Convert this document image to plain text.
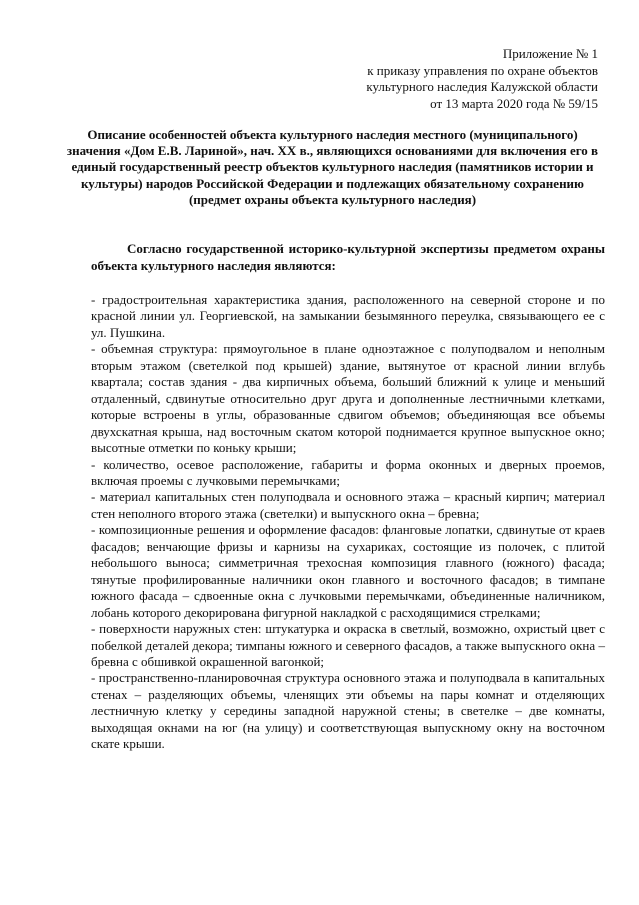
Приложение № 1
к приказу управления по охране объектов
культурного наследия Калужской области
от 13 марта 2020 года № 59/15
Описание особенностей объекта культурного наследия местного (муниципального) значения «Дом Е.В. Лариной», нач. XX в., являющихся основаниями для включения его в единый государственный реестр объектов культурного наследия (памятников истории и культуры) народов Российской Федерации и подлежащих обязательному сохранению (предмет охраны объекта культурного наследия)
Согласно государственной историко-культурной экспертизы предметом охраны объекта культурного наследия являются:

- градостроительная характеристика здания, расположенного на северной стороне и по красной линии ул. Георгиевской, на замыкании безымянного переулка, связывающего ее с ул. Пушкина.

- объемная структура: прямоугольное в плане одноэтажное с полуподвалом и неполным вторым этажом (светелкой под крышей) здание, вытянутое от красной линии вглубь квартала; состав здания - два кирпичных объема, больший ближний к улице и меньший отдаленный, сдвинутые относительно друг друга и дополненные лестничными клетками, которые встроены в углы, образованные сдвигом объемов; объединяющая все объемы двухскатная крыша, над восточным скатом которой поднимается крупное выпускное окно; высотные отметки по коньку крыши;

- количество, осевое расположение, габариты и форма оконных и дверных проемов, включая проемы с лучковыми перемычками;

- материал капитальных стен полуподвала и основного этажа – красный кирпич; материал стен неполного второго этажа (светелки) и выпускного окна – бревна;

- композиционные решения и оформление фасадов: фланговые лопатки, сдвинутые от краев фасадов; венчающие фризы и карнизы на сухариках, состоящие из полочек, с плитой небольшого выноса; симметричная трехосная композиция главного (южного) фасада; тянутые профилированные наличники окон главного и восточного фасадов; в тимпане южного фасада – сдвоенные окна с лучковыми перемычками, объединенные наличником, лобань которого декорирована фигурной накладкой с расходящимися стрелками;

- поверхности наружных стен: штукатурка и окраска в светлый, возможно, охристый цвет с побелкой деталей декора; тимпаны южного и северного фасадов, а также выпускного окна – бревна с обшивкой окрашенной вагонкой;

- пространственно-планировочная структура основного этажа и полуподвала в капитальных стенах – разделяющих объемы, членящих эти объемы на пары комнат и отделяющих лестничную клетку у середины западной наружной стены; в светелке – две комнаты, выходящая окнами на юг (на улицу) и соответствующая выпускному окну на восточном скате крыши.
